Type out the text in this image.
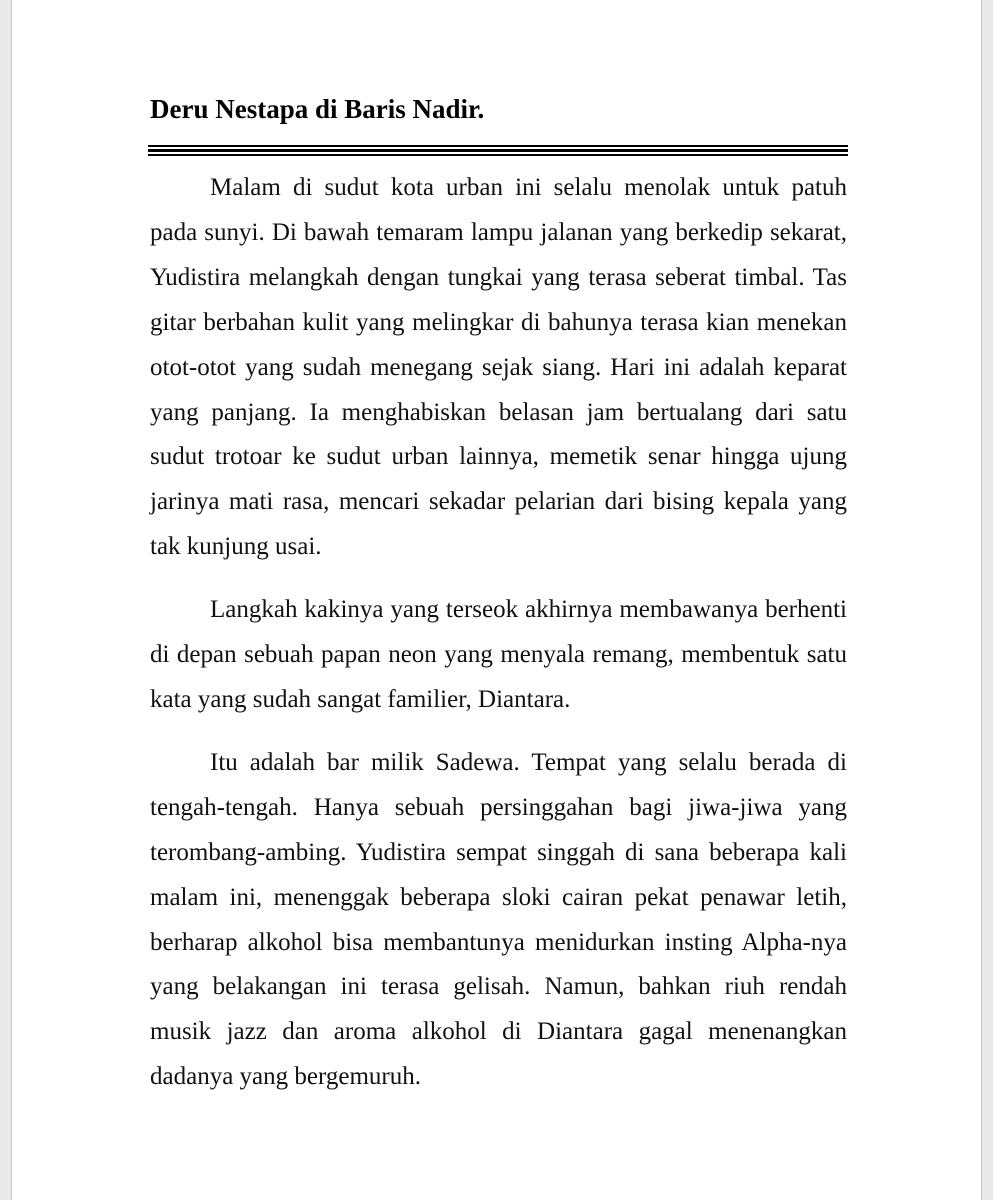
Deru Nestapa di Baris Nadir.

Malam di sudut kota urban ini selalu menolak untuk patuh pada sunyi. Di bawah temaram lampu jalanan yang berkedip sekarat, Yudistira melangkah dengan tungkai yang terasa seberat timbal. Tas gitar berbahan kulit yang melingkar di bahunya terasa kian menekan otot-otot yang sudah menegang sejak siang. Hari ini adalah keparat yang panjang. Ia menghabiskan belasan jam bertualang dari satu sudut trotoar ke sudut urban lainnya, memetik senar hingga ujung jarinya mati rasa, mencari sekadar pelarian dari bising kepala yang tak kunjung usai.

Langkah kakinya yang terseok akhirnya membawanya berhenti di depan sebuah papan neon yang menyala remang, membentuk satu kata yang sudah sangat familier, Diantara.

Itu adalah bar milik Sadewa. Tempat yang selalu berada di tengah-tengah. Hanya sebuah persinggahan bagi jiwa-jiwa yang terombang-ambing. Yudistira sempat singgah di sana beberapa kali malam ini, menenggak beberapa sloki cairan pekat penawar letih, berharap alkohol bisa membantunya menidurkan insting Alpha-nya yang belakangan ini terasa gelisah. Namun, bahkan riuh rendah musik jazz dan aroma alkohol di Diantara gagal menenangkan dadanya yang bergemuruh.
